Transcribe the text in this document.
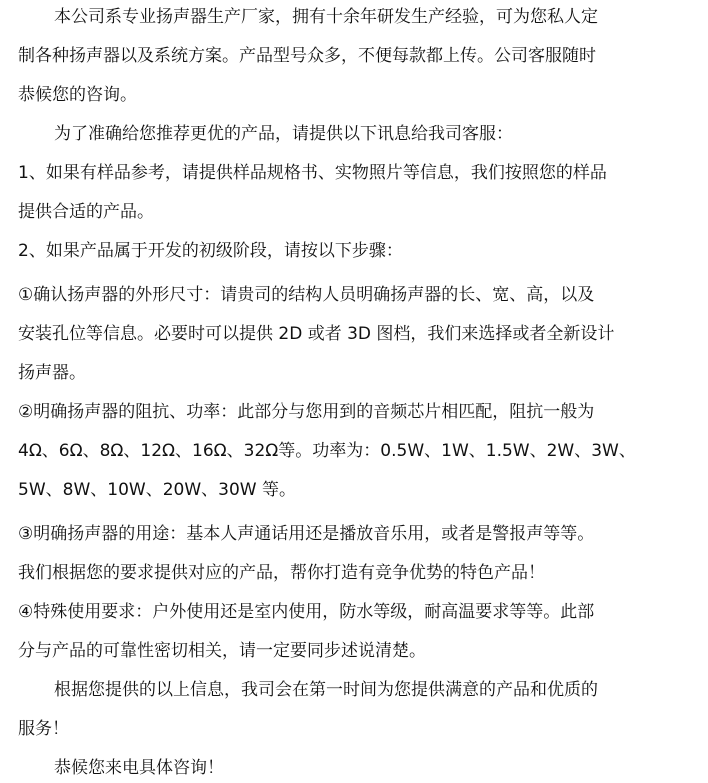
本公司系专业扬声器生产厂家，拥有十余年研发生产经验，可为您私人定
制各种扬声器以及系统方案。产品型号众多，不便每款都上传。公司客服随时
恭候您的咨询。
为了准确给您推荐更优的产品，请提供以下讯息给我司客服：
1、如果有样品参考，请提供样品规格书、实物照片等信息，我们按照您的样品
提供合适的产品。
2、如果产品属于开发的初级阶段，请按以下步骤：
①确认扬声器的外形尺寸：请贵司的结构人员明确扬声器的长、宽、高，以及
安装孔位等信息。必要时可以提供 2D 或者 3D 图档，我们来选择或者全新设计
扬声器。
②明确扬声器的阻抗、功率：此部分与您用到的音频芯片相匹配，阻抗一般为
4Ω、6Ω、8Ω、12Ω、16Ω、32Ω等。功率为：0.5W、1W、1.5W、2W、3W、
5W、8W、10W、20W、30W 等。
③明确扬声器的用途：基本人声通话用还是播放音乐用，或者是警报声等等。
我们根据您的要求提供对应的产品，帮你打造有竞争优势的特色产品！
④特殊使用要求：户外使用还是室内使用，防水等级，耐高温要求等等。此部
分与产品的可靠性密切相关，请一定要同步述说清楚。
根据您提供的以上信息，我司会在第一时间为您提供满意的产品和优质的
服务！
恭候您来电具体咨询！
